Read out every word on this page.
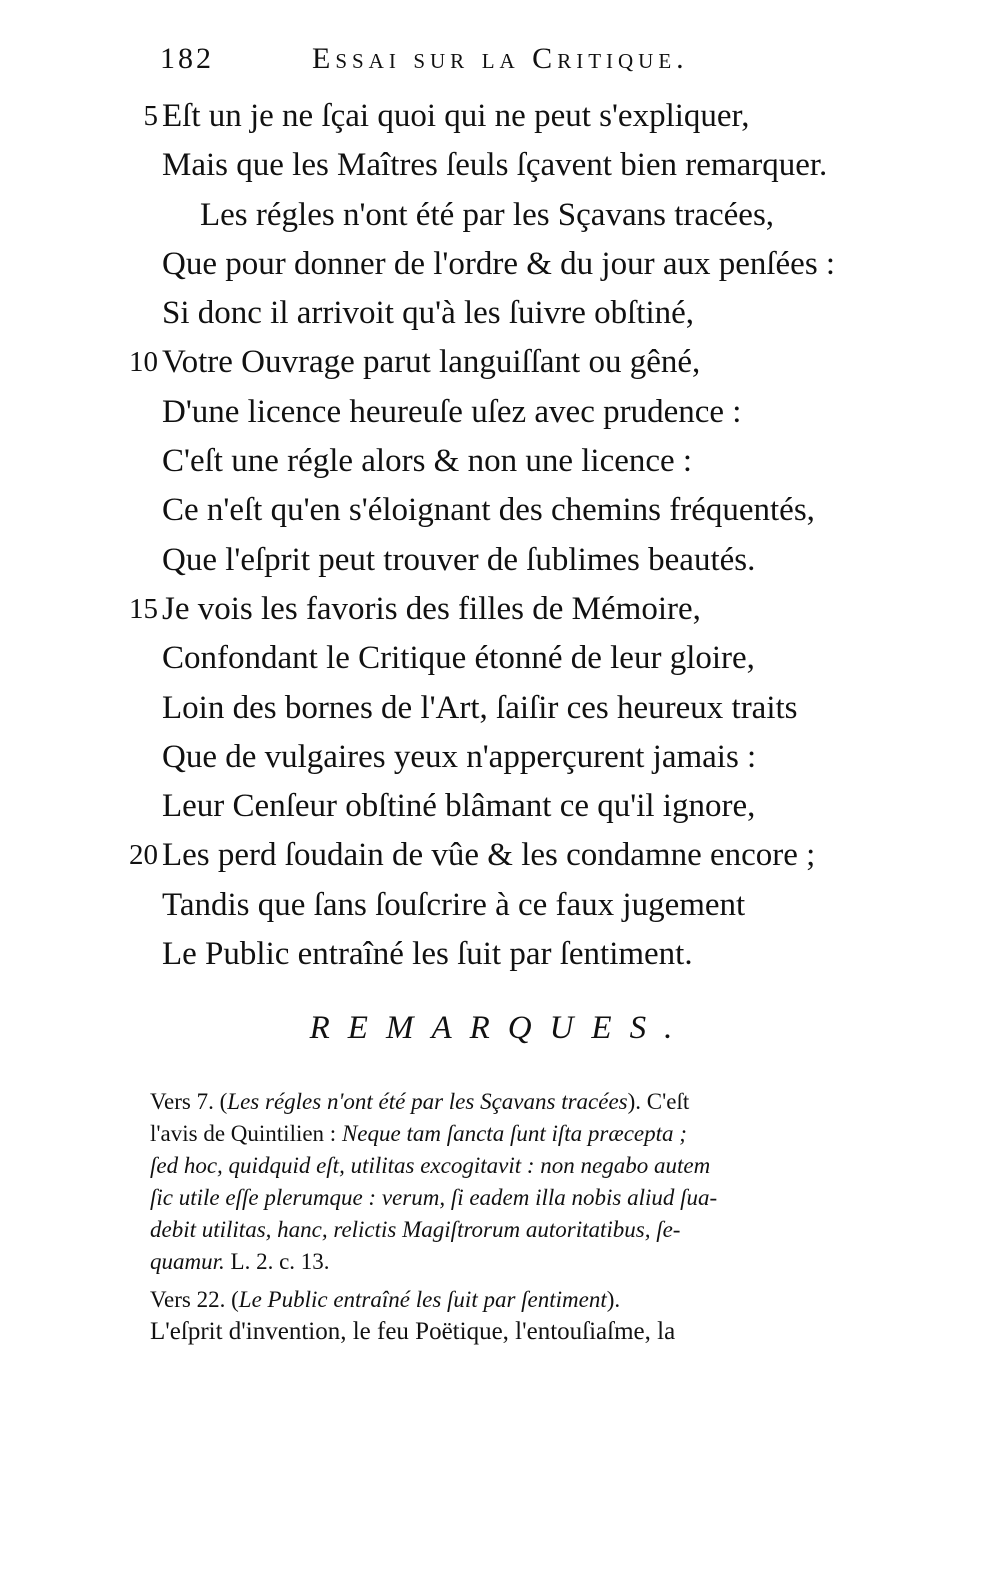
182	Essai sur la Critique.
5 Eſt un je ne ſçai quoi qui ne peut s'expliquer,
Mais que les Maîtres ſeuls ſçavent bien remarquer.
Les régles n'ont été par les Sçavans tracées,
Que pour donner de l'ordre & du jour aux penſées :
Si donc il arrivoit qu'à les ſuivre obſtiné,
10 Votre Ouvrage parut languiſſant ou gêné,
D'une licence heureuſe uſez avec prudence :
C'eſt une régle alors & non une licence :
Ce n'eſt qu'en s'éloignant des chemins fréquentés,
Que l'eſprit peut trouver de ſublimes beautés.
15 Je vois les favoris des filles de Mémoire,
Confondant le Critique étonné de leur gloire,
Loin des bornes de l'Art, ſaiſir ces heureux traits
Que de vulgaires yeux n'apperçurent jamais :
Leur Cenſeur obſtiné blâmant ce qu'il ignore,
20 Les perd ſoudain de vûe & les condamne encore ;
Tandis que ſans ſouſcrire à ce faux jugement
Le Public entraîné les ſuit par ſentiment.
REMARQUES.
Vers 7. (Les régles n'ont été par les Sçavans tracées). C'eſt
l'avis de Quintilien : Neque tam ſancta ſunt iſta præcepta ;
ſed hoc, quidquid eſt, utilitas excogitavit : non negabo autem
ſic utile eſſe plerumque : verum, ſi eadem illa nobis aliud ſua-
debit utilitas, hanc, relictis Magiſtrorum autoritatibus, ſe-
quamur. L. 2. c. 13.
Vers 22. (Le Public entraîné les ſuit par ſentiment).
L'eſprit d'invention, le feu Poëtique, l'entouſiaſme, la
